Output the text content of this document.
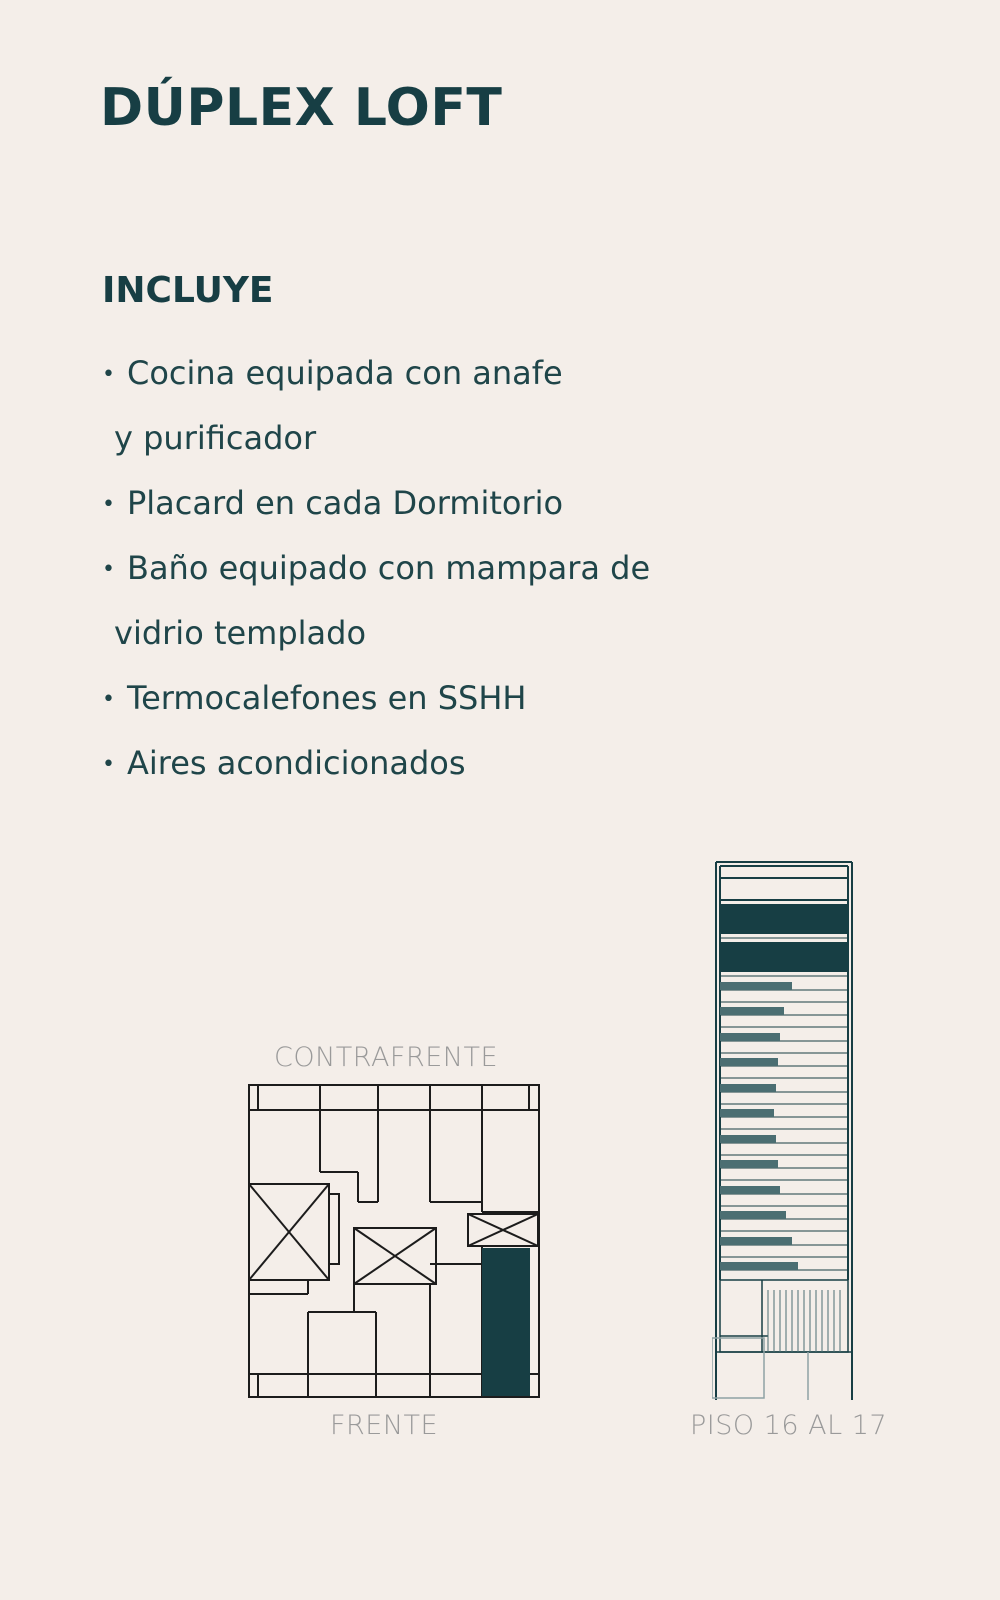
DÚPLEX LOFT
INCLUYE
• Cocina equipada con anafe
y purificador
• Placard en cada Dormitorio
• Baño equipado con mampara de
vidrio templado
• Termocalefones en SSHH
• Aires acondicionados
CONTRAFRENTE
FRENTE	PISO 16 AL 17
